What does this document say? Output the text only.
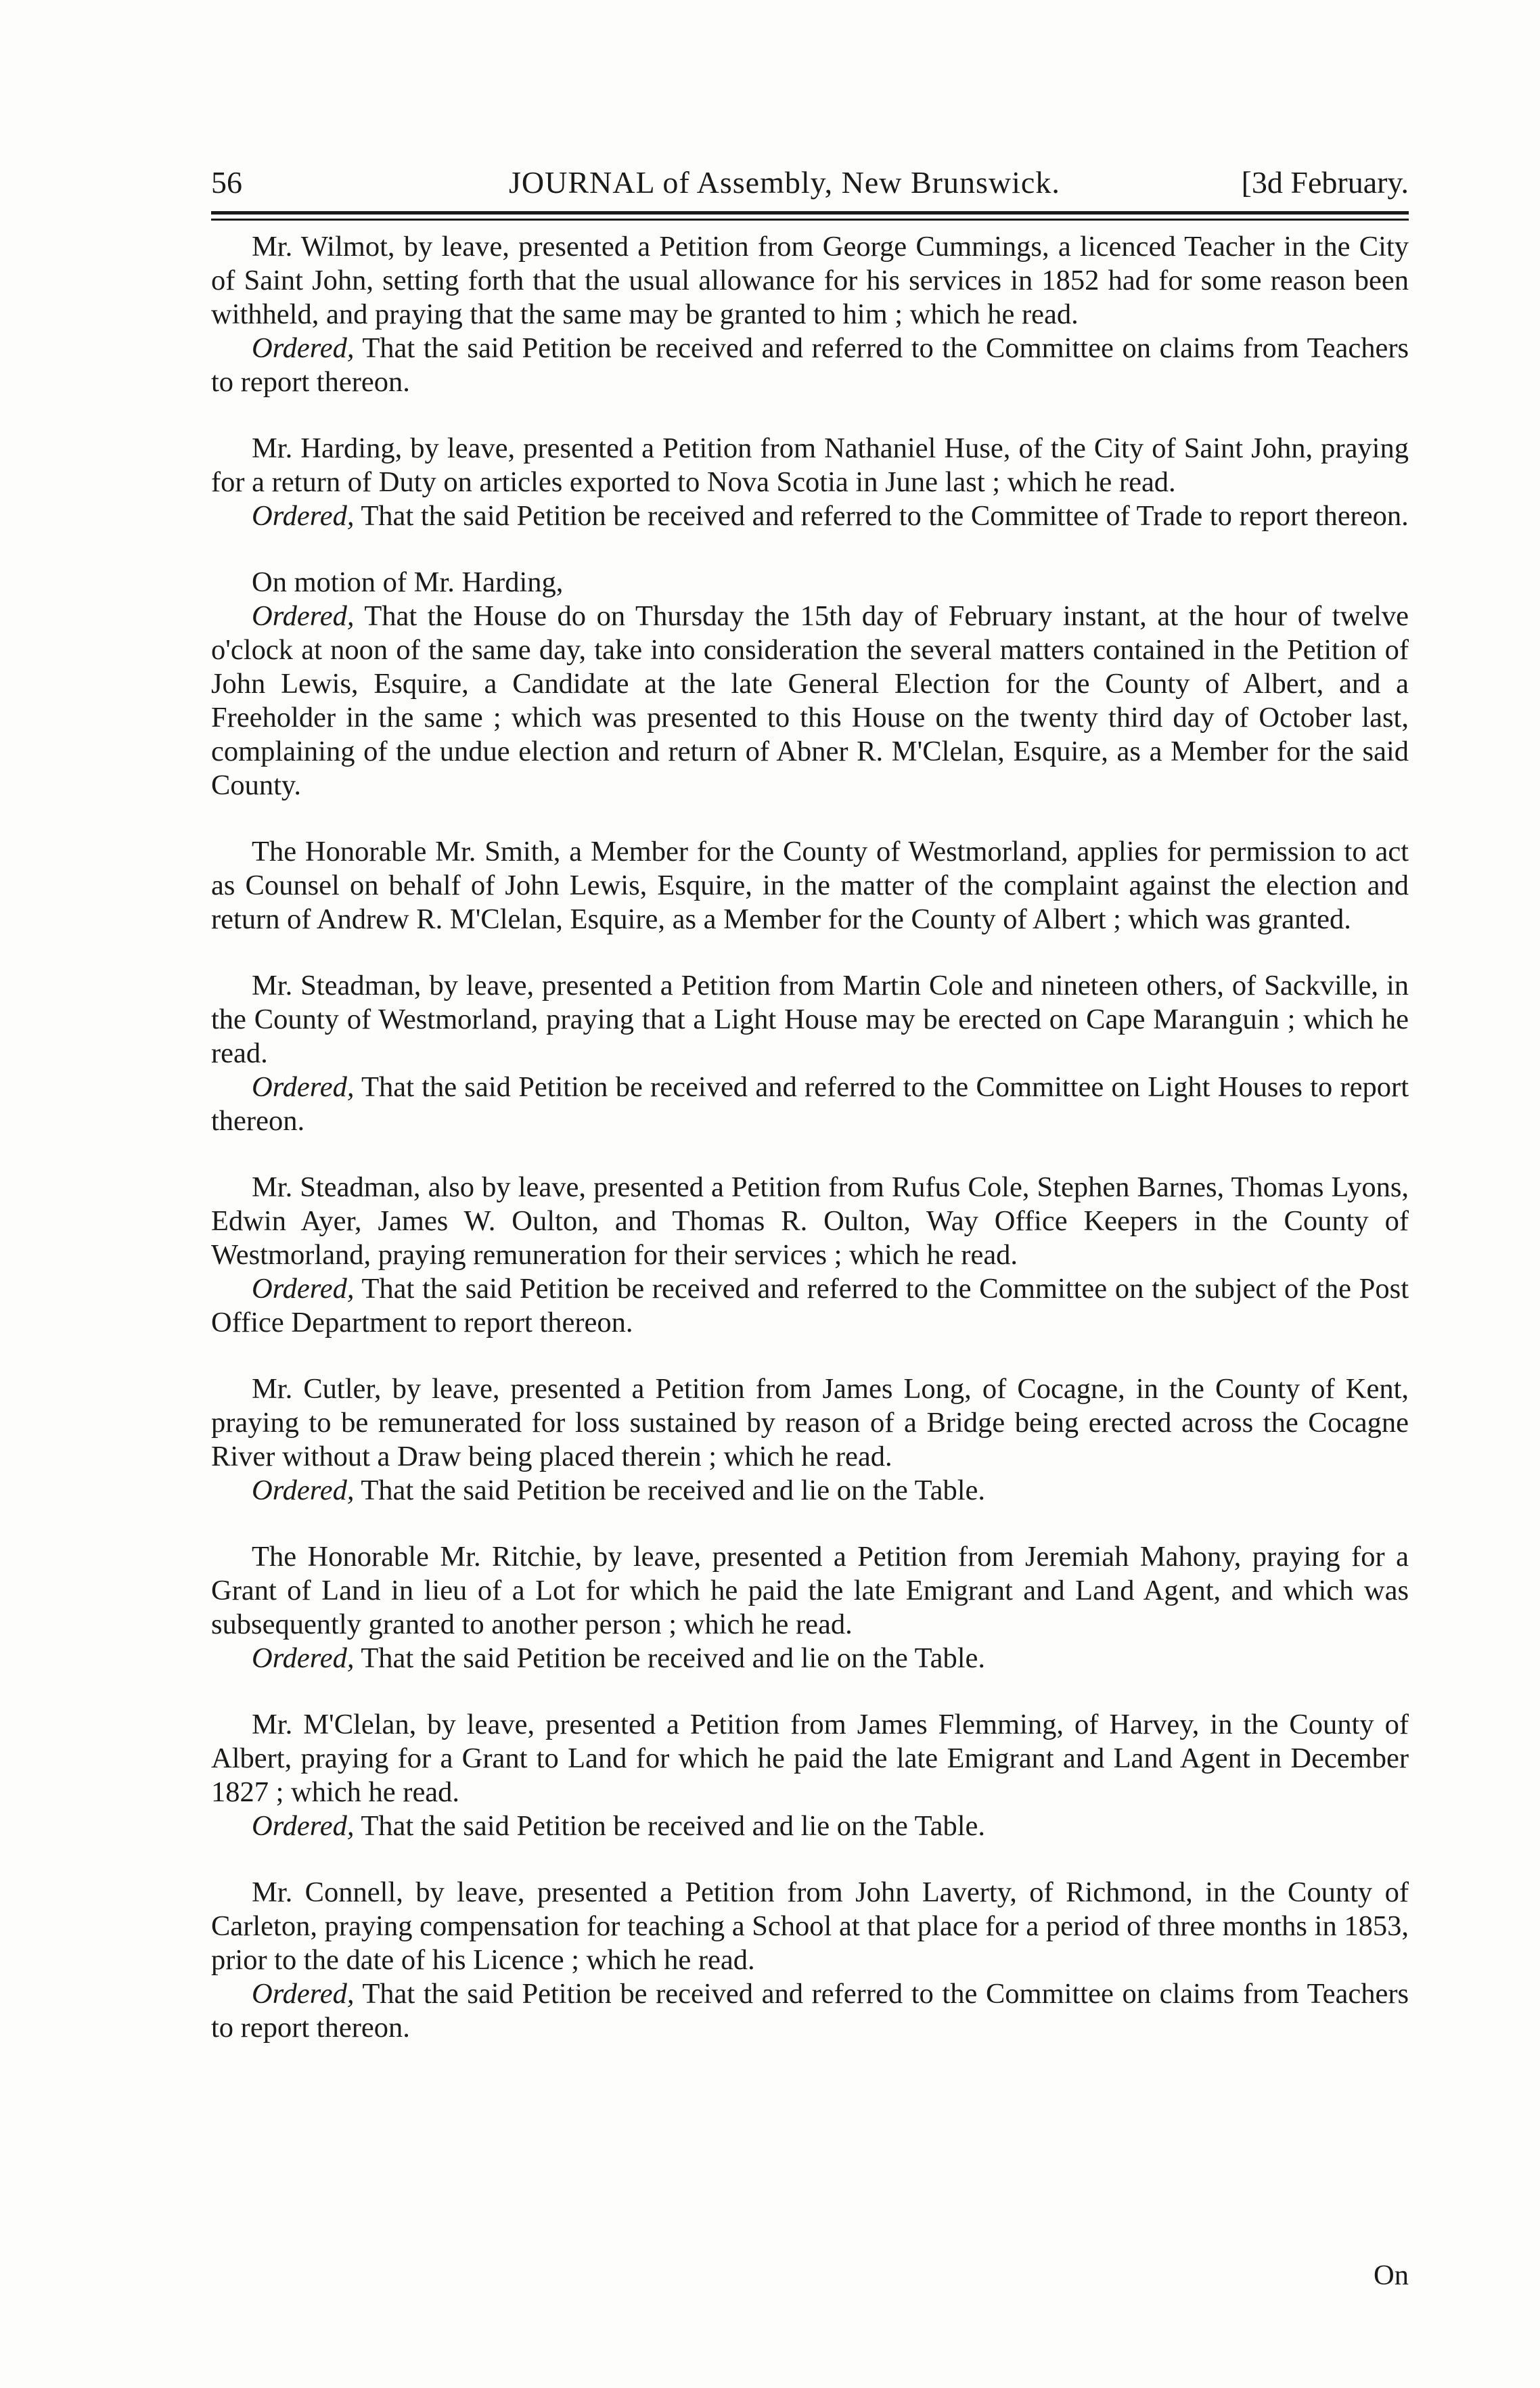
56	JOURNAL of Assembly, New Brunswick.	[3d February.

Mr. Wilmot, by leave, presented a Petition from George Cummings, a licenced Teacher in the City of Saint John, setting forth that the usual allowance for his services in 1852 had for some reason been withheld, and praying that the same may be granted to him ; which he read.

Ordered, That the said Petition be received and referred to the Committee on claims from Teachers to report thereon.

Mr. Harding, by leave, presented a Petition from Nathaniel Huse, of the City of Saint John, praying for a return of Duty on articles exported to Nova Scotia in June last ; which he read.

Ordered, That the said Petition be received and referred to the Committee of Trade to report thereon.

On motion of Mr. Harding,

Ordered, That the House do on Thursday the 15th day of February instant, at the hour of twelve o'clock at noon of the same day, take into consideration the several matters contained in the Petition of John Lewis, Esquire, a Candidate at the late General Election for the County of Albert, and a Freeholder in the same ; which was presented to this House on the twenty third day of October last, complaining of the undue election and return of Abner R. M'Clelan, Esquire, as a Member for the said County.

The Honorable Mr. Smith, a Member for the County of Westmorland, applies for permission to act as Counsel on behalf of John Lewis, Esquire, in the matter of the complaint against the election and return of Andrew R. M'Clelan, Esquire, as a Member for the County of Albert ; which was granted.

Mr. Steadman, by leave, presented a Petition from Martin Cole and nineteen others, of Sackville, in the County of Westmorland, praying that a Light House may be erected on Cape Maranguin ; which he read.

Ordered, That the said Petition be received and referred to the Committee on Light Houses to report thereon.

Mr. Steadman, also by leave, presented a Petition from Rufus Cole, Stephen Barnes, Thomas Lyons, Edwin Ayer, James W. Oulton, and Thomas R. Oulton, Way Office Keepers in the County of Westmorland, praying remuneration for their services ; which he read.

Ordered, That the said Petition be received and referred to the Committee on the subject of the Post Office Department to report thereon.

Mr. Cutler, by leave, presented a Petition from James Long, of Cocagne, in the County of Kent, praying to be remunerated for loss sustained by reason of a Bridge being erected across the Cocagne River without a Draw being placed therein ; which he read.

Ordered, That the said Petition be received and lie on the Table.

The Honorable Mr. Ritchie, by leave, presented a Petition from Jeremiah Mahony, praying for a Grant of Land in lieu of a Lot for which he paid the late Emigrant and Land Agent, and which was subsequently granted to another person ; which he read.

Ordered, That the said Petition be received and lie on the Table.

Mr. M'Clelan, by leave, presented a Petition from James Flemming, of Harvey, in the County of Albert, praying for a Grant to Land for which he paid the late Emigrant and Land Agent in December 1827 ; which he read.

Ordered, That the said Petition be received and lie on the Table.

Mr. Connell, by leave, presented a Petition from John Laverty, of Richmond, in the County of Carleton, praying compensation for teaching a School at that place for a period of three months in 1853, prior to the date of his Licence ; which he read.

Ordered, That the said Petition be received and referred to the Committee on claims from Teachers to report thereon.

On
